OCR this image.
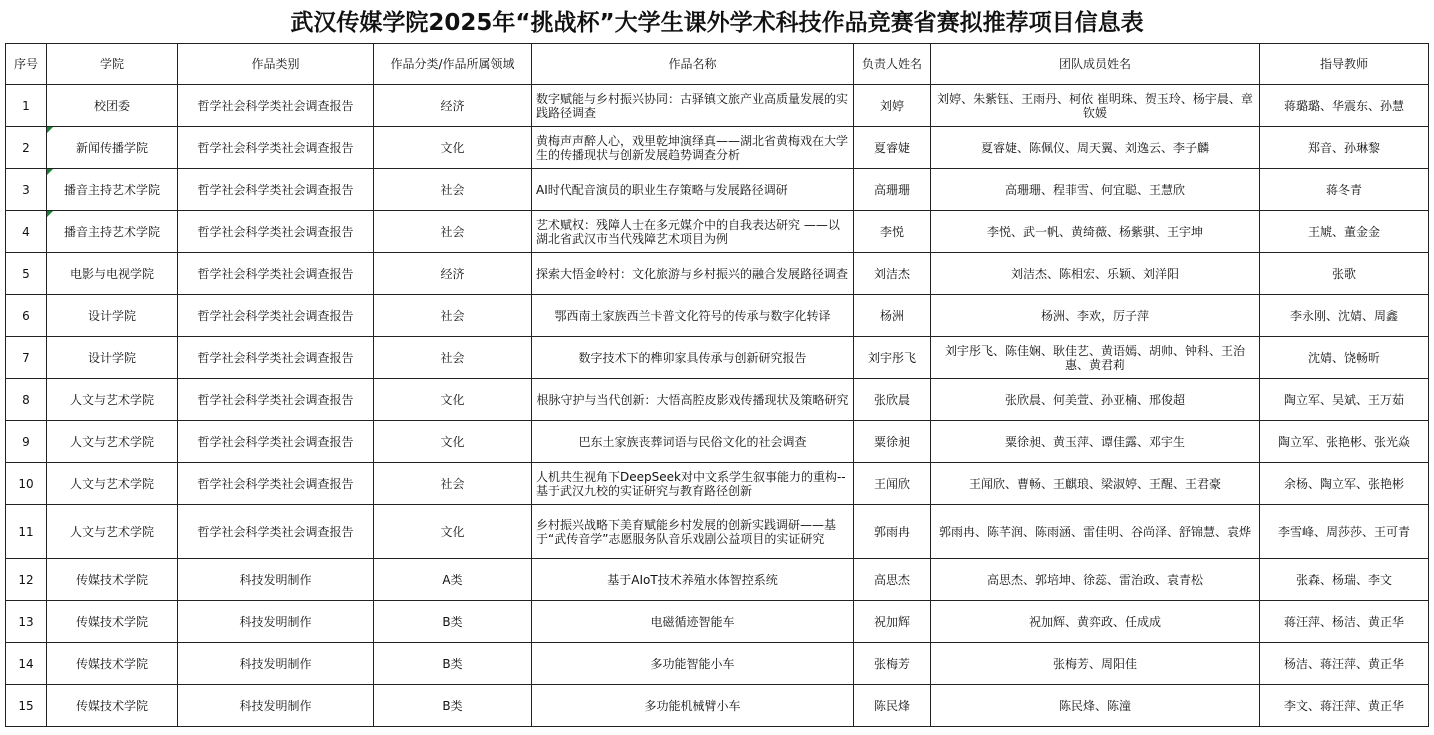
武汉传媒学院2025年“挑战杯”大学生课外学术科技作品竞赛省赛拟推荐项目信息表
序号	学院	作品类别	作品分类/作品所属领域	作品名称	负责人姓名	团队成员姓名	指导教师
1	校团委	哲学社会科学类社会调查报告	经济	数字赋能与乡村振兴协同：古驿镇文旅产业高质量发展的实践路径调查	刘婷	刘婷、朱紫钰、王雨丹、柯依 崔明珠、贺玉玲、杨宇晨、章钦媛	蒋璐璐、华震东、孙慧
2	新闻传播学院	哲学社会科学类社会调查报告	文化	黄梅声声醉人心，戏里乾坤演绎真——湖北省黄梅戏在大学生的传播现状与创新发展趋势调查分析	夏睿婕	夏睿婕、陈佩仪、周天翼、刘逸云、李子麟	郑音、孙琳黎
3	播音主持艺术学院	哲学社会科学类社会调查报告	社会	AI时代配音演员的职业生存策略与发展路径调研	高珊珊	高珊珊、程菲雪、何宜聪、王慧欣	蒋冬青
4	播音主持艺术学院	哲学社会科学类社会调查报告	社会	艺术赋权：残障人士在多元媒介中的自我表达研究 ——以湖北省武汉市当代残障艺术项目为例	李悦	李悦、武一帆、黄绮薇、杨紫骐、王宇坤	王虓、董金金
5	电影与电视学院	哲学社会科学类社会调查报告	经济	探索大悟金岭村：文化旅游与乡村振兴的融合发展路径调查	刘洁杰	刘洁杰、陈相宏、乐颖、刘洋阳	张歌
6	设计学院	哲学社会科学类社会调查报告	社会	鄂西南土家族西兰卡普文化符号的传承与数字化转译	杨洲	杨洲、李欢，厉子萍	李永刚、沈婧、周鑫
7	设计学院	哲学社会科学类社会调查报告	社会	数字技术下的榫卯家具传承与创新研究报告	刘宇彤飞	刘宇彤飞、陈佳娴、耿佳艺、黄语嫣、胡帅、钟科、王治惠、黄君莉	沈婧、饶畅昕
8	人文与艺术学院	哲学社会科学类社会调查报告	文化	根脉守护与当代创新：大悟高腔皮影戏传播现状及策略研究	张欣晨	张欣晨、何美萱、孙亚楠、邢俊超	陶立军、吴斌、王万茹
9	人文与艺术学院	哲学社会科学类社会调查报告	文化	巴东土家族丧葬词语与民俗文化的社会调查	粟徐昶	粟徐昶、黄玉萍、谭佳露、邓宇生	陶立军、张艳彬、张光焱
10	人文与艺术学院	哲学社会科学类社会调查报告	社会	人机共生视角下DeepSeek对中文系学生叙事能力的重构--基于武汉九校的实证研究与教育路径创新	王闻欣	王闻欣、曹畅、王麒琅、梁淑婷、王醒、王君豪	余杨、陶立军、张艳彬
11	人文与艺术学院	哲学社会科学类社会调查报告	文化	乡村振兴战略下美育赋能乡村发展的创新实践调研——基于“武传音学”志愿服务队音乐戏剧公益项目的实证研究	郭雨冉	郭雨冉、陈芊润、陈雨涵、雷佳明、谷尚泽、舒锦慧、袁烨	李雪峰、周莎莎、王可青
12	传媒技术学院	科技发明制作	A类	基于AIoT技术养殖水体智控系统	高思杰	高思杰、郭培坤、徐蕊、雷治政、袁青松	张森、杨瑞、李文
13	传媒技术学院	科技发明制作	B类	电磁循迹智能车	祝加辉	祝加辉、黄弈政、任成成	蒋汪萍、杨洁、黄正华
14	传媒技术学院	科技发明制作	B类	多功能智能小车	张梅芳	张梅芳、周阳佳	杨洁、蒋汪萍、黄正华
15	传媒技术学院	科技发明制作	B类	多功能机械臂小车	陈民烽	陈民烽、陈潼	李文、蒋汪萍、黄正华
